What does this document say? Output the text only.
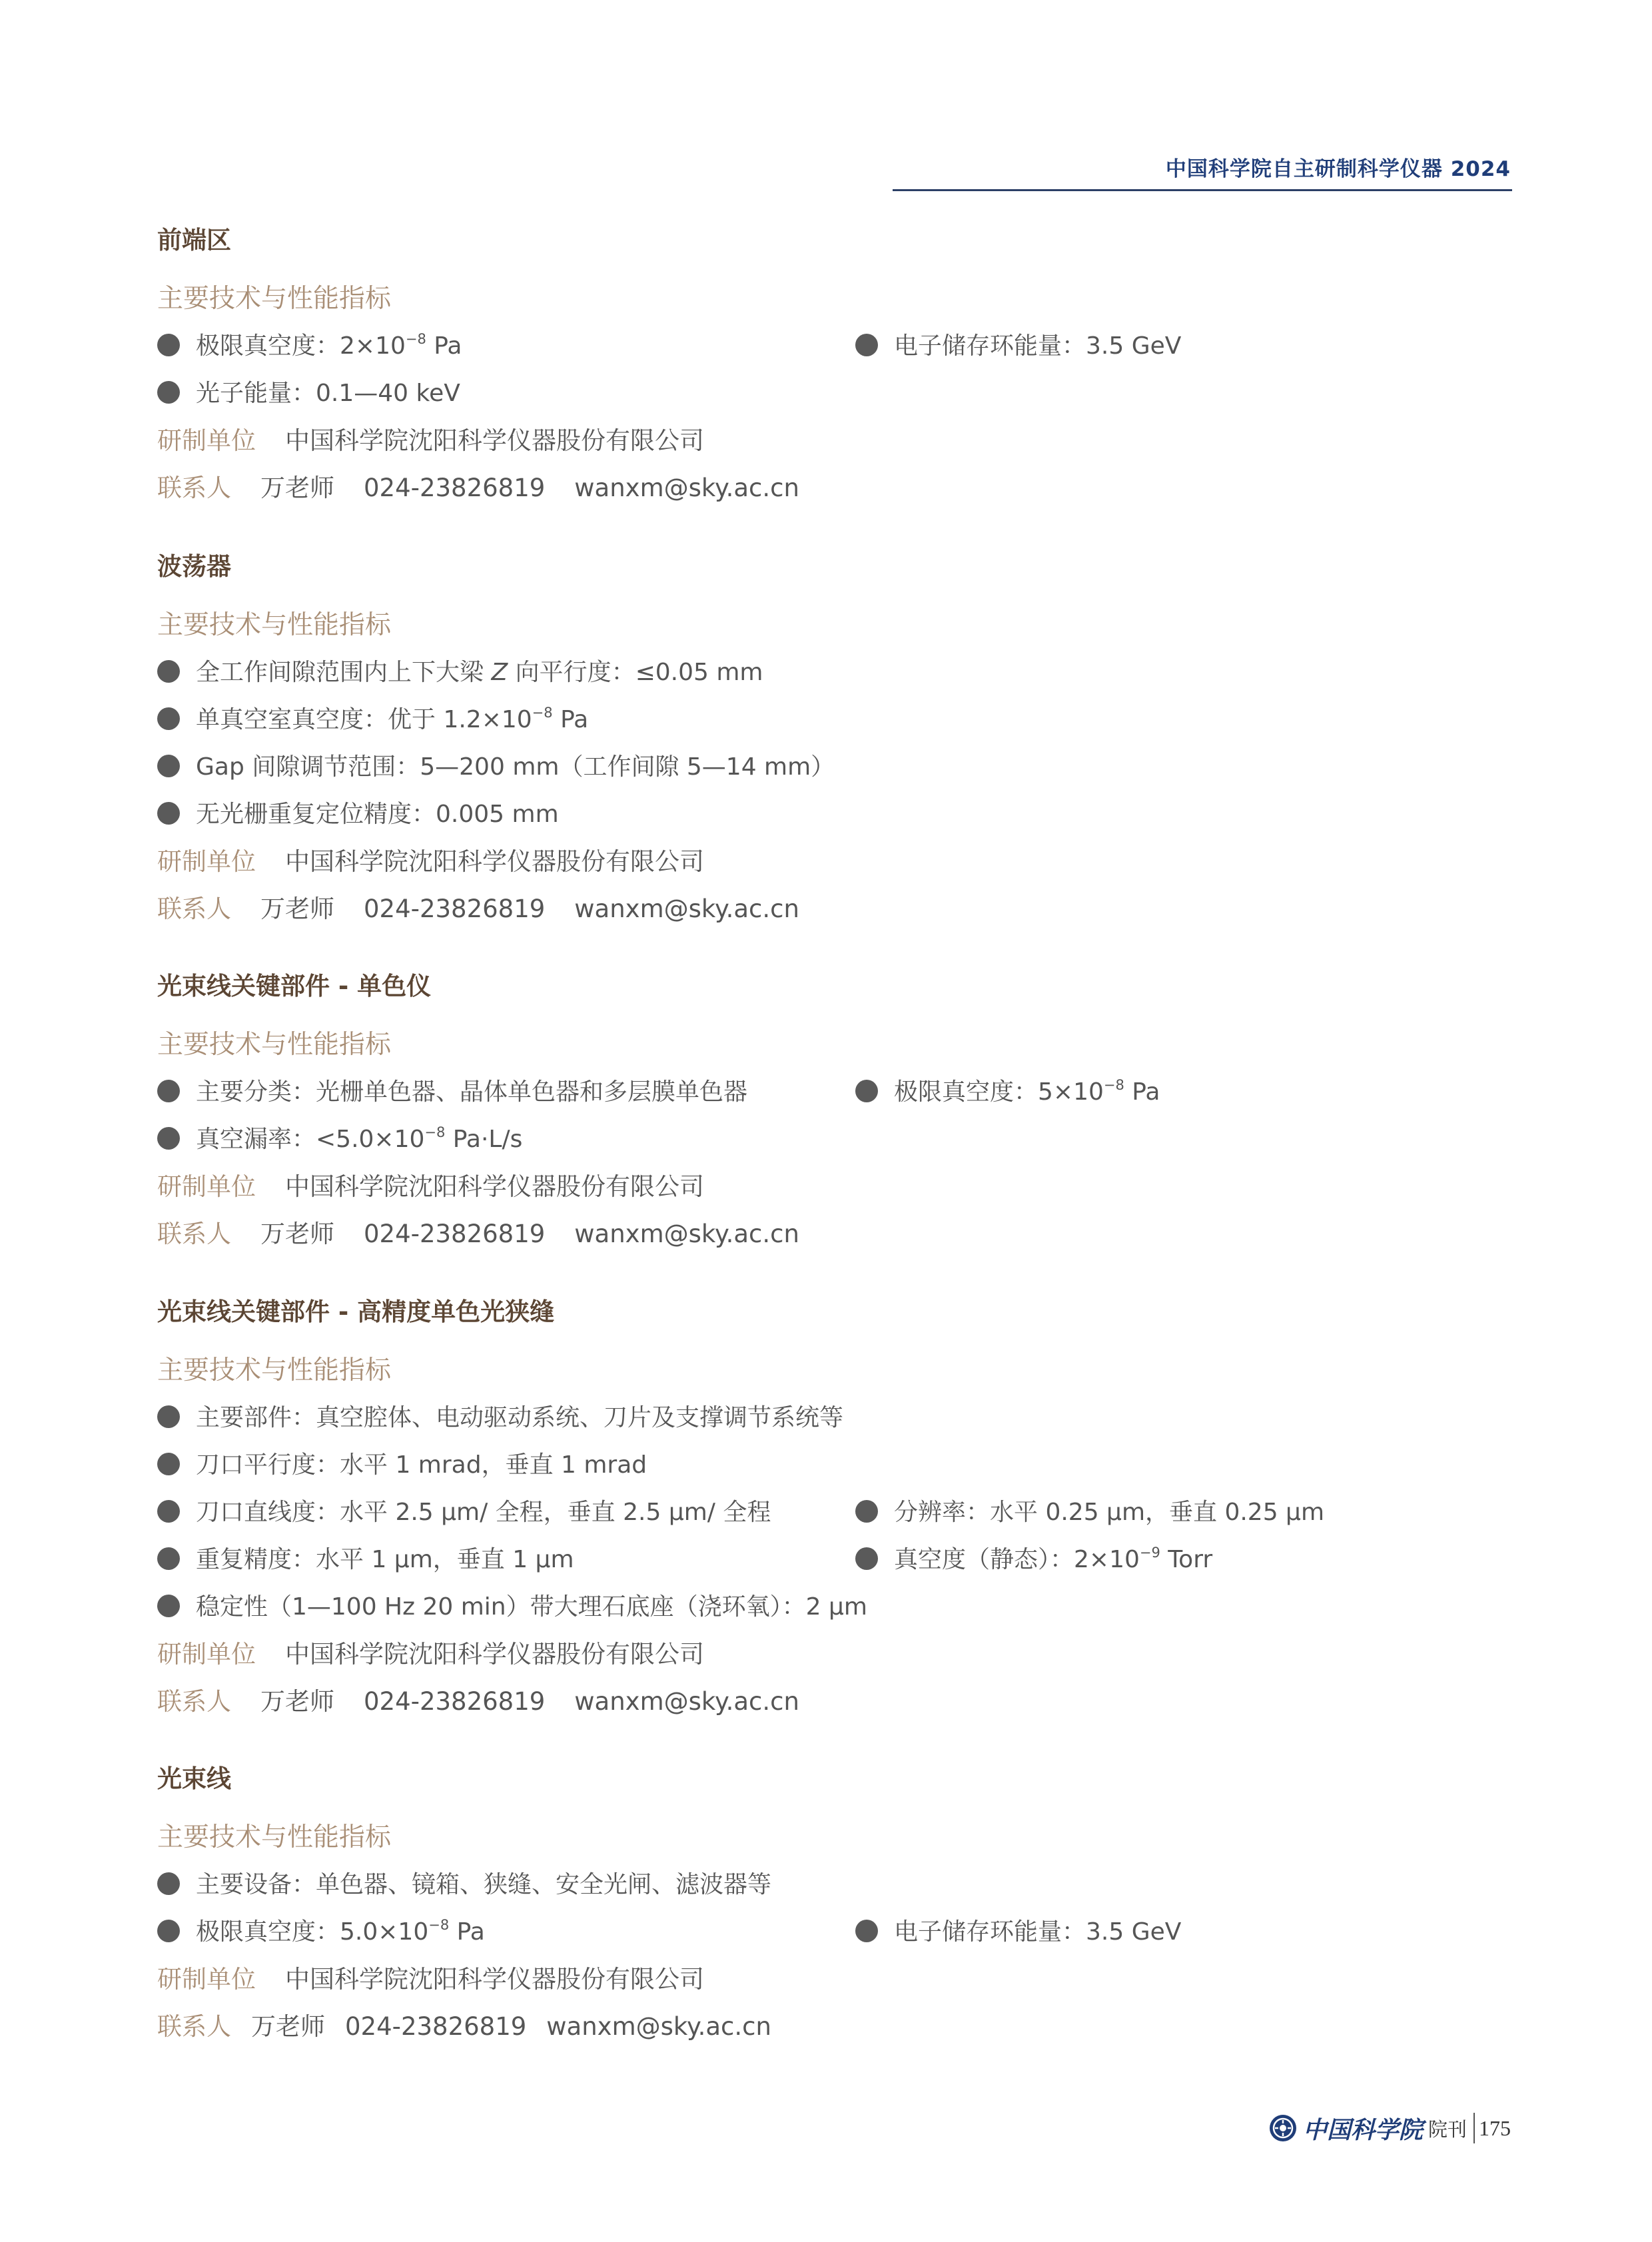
中国科学院自主研制科学仪器 2024
前端区
主要技术与性能指标
极限真空度：$2\times 10^{-8}$ Pa	电子储存环能量：3.5 GeV
光子能量：0.1—40 keV
研制单位 中国科学院沈阳科学仪器股份有限公司
联系人 万老师 024-23826819 wanxm@sky.ac.cn
波荡器
主要技术与性能指标
全工作间隙范围内上下大梁 Z 向平行度：≤0.05 mm
单真空室真空度：优于 $1.2\times 10^{-8}$ Pa
Gap 间隙调节范围：5—200 mm（工作间隙 5—14 mm）
无光栅重复定位精度：0.005 mm
研制单位 中国科学院沈阳科学仪器股份有限公司
联系人 万老师 024-23826819 wanxm@sky.ac.cn
光束线关键部件 - 单色仪
主要技术与性能指标
主要分类：光栅单色器、晶体单色器和多层膜单色器	极限真空度：$5\times 10^{-8}$ Pa
真空漏率：$<5.0\times 10^{-8}$ Pa·L/s
研制单位 中国科学院沈阳科学仪器股份有限公司
联系人 万老师 024-23826819 wanxm@sky.ac.cn
光束线关键部件 - 高精度单色光狭缝
主要技术与性能指标
主要部件：真空腔体、电动驱动系统、刀片及支撑调节系统等
刀口平行度：水平 1 mrad，垂直 1 mrad
刀口直线度：水平 2.5 μm/ 全程，垂直 2.5 μm/ 全程	分辨率：水平 0.25 μm，垂直 0.25 μm
重复精度：水平 1 μm，垂直 1 μm	真空度（静态）：$2\times 10^{-9}$ Torr
稳定性（1—100 Hz 20 min）带大理石底座（浇环氧）：2 μm
研制单位 中国科学院沈阳科学仪器股份有限公司
联系人 万老师 024-23826819 wanxm@sky.ac.cn
光束线
主要技术与性能指标
主要设备：单色器、镜箱、狭缝、安全光闸、滤波器等
极限真空度：$5.0\times 10^{-8}$ Pa	电子储存环能量：3.5 GeV
研制单位 中国科学院沈阳科学仪器股份有限公司
联系人 万老师 024-23826819 wanxm@sky.ac.cn
中国科学院 院刊 175
